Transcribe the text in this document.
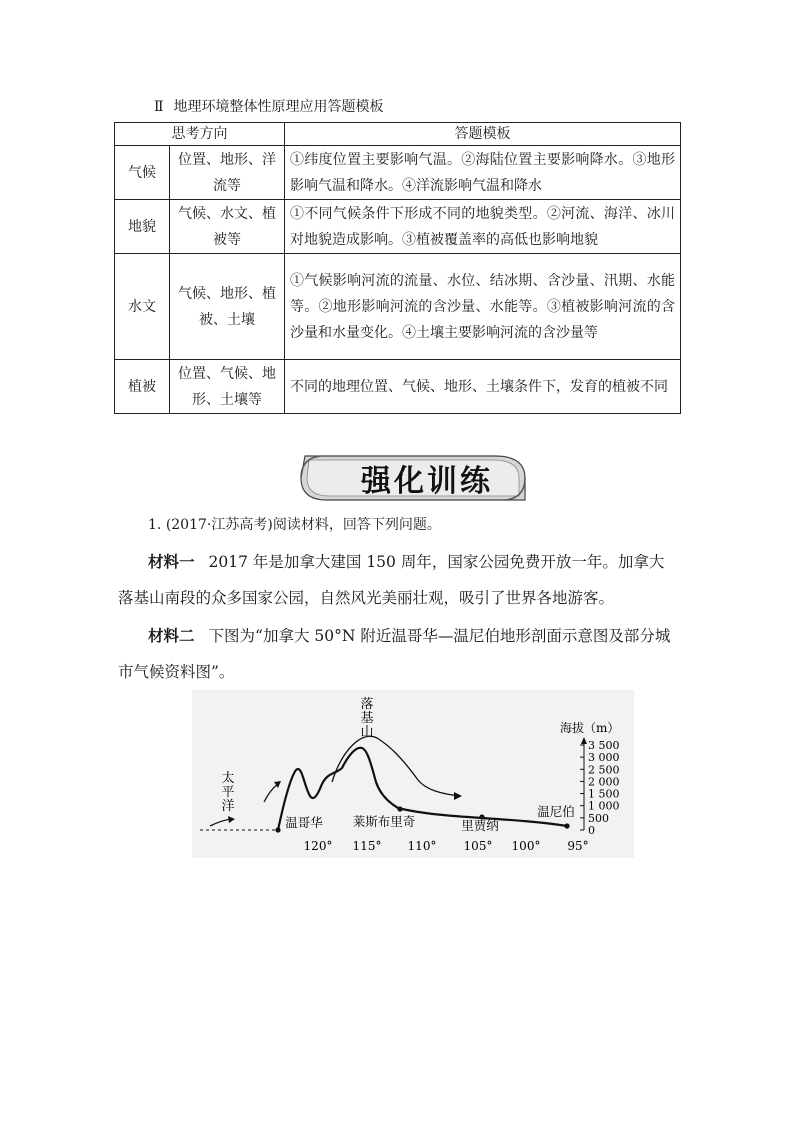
Ⅱ 地理环境整体性原理应用答题模板
思考方向		答题模板
气候	位置、地形、洋流等	①纬度位置主要影响气温。②海陆位置主要影响降水。③地形影响气温和降水。④洋流影响气温和降水
地貌	气候、水文、植被等	①不同气候条件下形成不同的地貌类型。②河流、海洋、冰川对地貌造成影响。③植被覆盖率的高低也影响地貌
水文	气候、地形、植被、土壤	①气候影响河流的流量、水位、结冰期、含沙量、汛期、水能等。②地形影响河流的含沙量、水能等。③植被影响河流的含沙量和水量变化。④土壤主要影响河流的含沙量等
植被	位置、气候、地形、土壤等	不同的地理位置、气候、地形、土壤条件下，发育的植被不同
强化训练
1. (2017·江苏高考)阅读材料，回答下列问题。
材料一 2017 年是加拿大建国 150 周年，国家公园免费开放一年。加拿大落基山南段的众多国家公园，自然风光美丽壮观，吸引了世界各地游客。
材料二 下图为“加拿大 50°N 附近温哥华—温尼伯地形剖面示意图及部分城市气候资料图”。
落基山
太平洋
海拔（m）
3 500
3 000
2 500
2 000
1 500
1 000
500
0
120° 115° 110° 105° 100° 95°
温哥华 莱斯布里奇	里贾纳
温尼伯
